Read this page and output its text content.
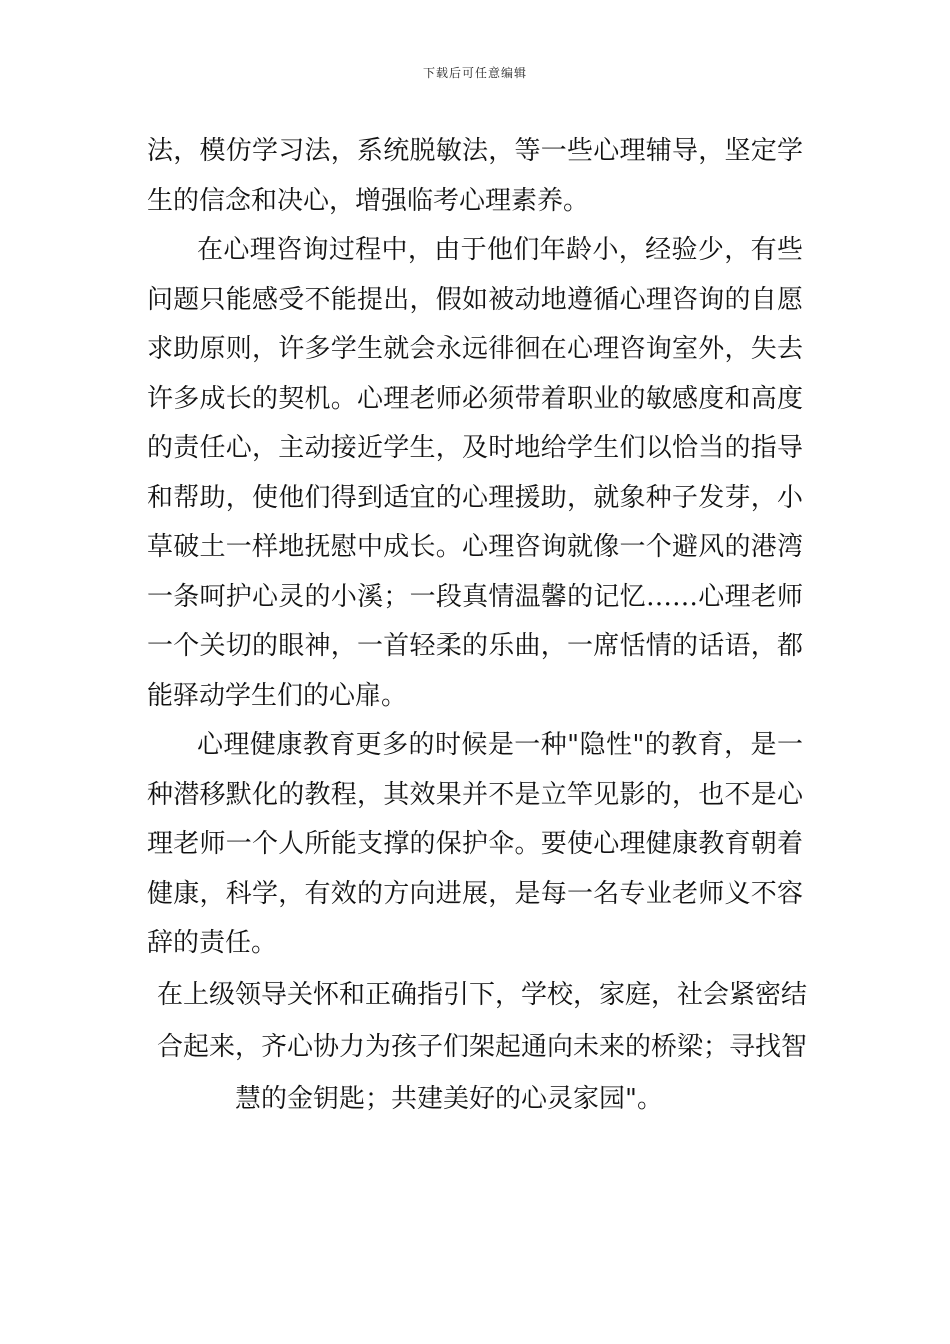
下载后可任意编辑
法，模仿学习法，系统脱敏法，等一些心理辅导，坚定学
生的信念和决心，增强临考心理素养。
在心理咨询过程中，由于他们年龄小，经验少，有些
问题只能感受不能提出，假如被动地遵循心理咨询的自愿
求助原则，许多学生就会永远徘徊在心理咨询室外，失去
许多成长的契机。心理老师必须带着职业的敏感度和高度
的责任心，主动接近学生，及时地给学生们以恰当的指导
和帮助，使他们得到适宜的心理援助，就象种子发芽，小
草破土一样地抚慰中成长。心理咨询就像一个避风的港湾
一条呵护心灵的小溪；一段真情温馨的记忆……心理老师
一个关切的眼神，一首轻柔的乐曲，一席恬情的话语，都
能驿动学生们的心扉。
心理健康教育更多的时候是一种"隐性"的教育，是一
种潜移默化的教程，其效果并不是立竿见影的，也不是心
理老师一个人所能支撑的保护伞。要使心理健康教育朝着
健康，科学，有效的方向进展，是每一名专业老师义不容
辞的责任。
在上级领导关怀和正确指引下，学校，家庭，社会紧密结
合起来，齐心协力为孩子们架起通向未来的桥梁；寻找智
慧的金钥匙；共建美好的心灵家园"。
